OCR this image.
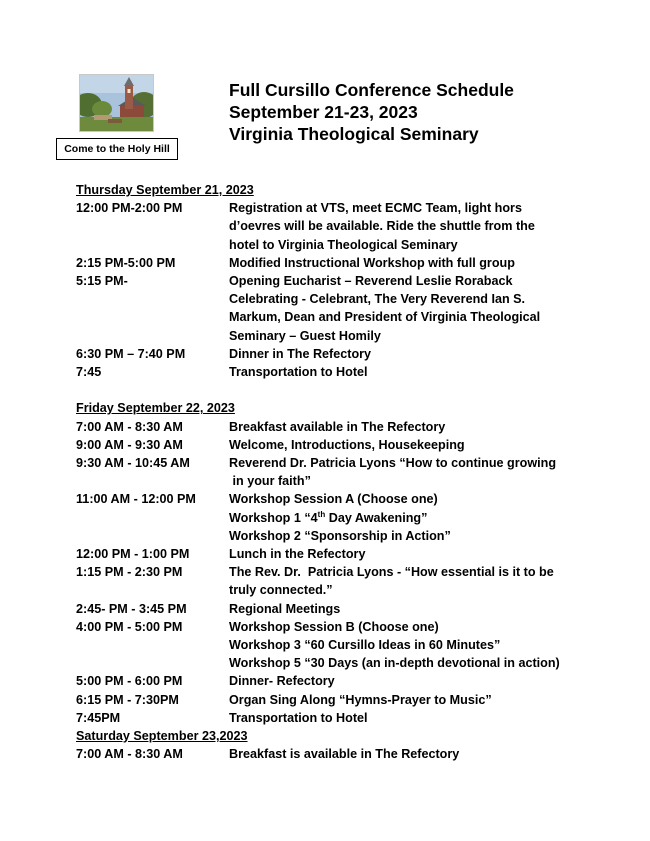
Come to the Holy Hill
Full Cursillo Conference Schedule
September 21-23, 2023
Virginia Theological Seminary
Thursday September 21, 2023
12:00 PM-2:00 PM	Registration at VTS, meet ECMC Team, light hors
d’oevres will be available. Ride the shuttle from the
hotel to Virginia Theological Seminary
2:15 PM-5:00 PM	Modified Instructional Workshop with full group
5:15 PM-	Opening Eucharist – Reverend Leslie Roraback
Celebrating - Celebrant, The Very Reverend Ian S.
Markum, Dean and President of Virginia Theological
Seminary – Guest Homily
6:30 PM – 7:40 PM	Dinner in The Refectory
7:45	Transportation to Hotel
Friday September 22, 2023
7:00 AM - 8:30 AM	Breakfast available in The Refectory
9:00 AM - 9:30 AM	Welcome, Introductions, Housekeeping
9:30 AM - 10:45 AM	Reverend Dr. Patricia Lyons “How to continue growing
in your faith”
11:00 AM - 12:00 PM	Workshop Session A (Choose one)
Workshop 1 “4th Day Awakening”
Workshop 2 “Sponsorship in Action”
12:00 PM - 1:00 PM	Lunch in the Refectory
1:15 PM - 2:30 PM	The Rev. Dr.  Patricia Lyons - “How essential is it to be
truly connected.”
2:45- PM - 3:45 PM	Regional Meetings
4:00 PM - 5:00 PM	Workshop Session B (Choose one)
Workshop 3 “60 Cursillo Ideas in 60 Minutes”
Workshop 5 “30 Days (an in-depth devotional in action)
5:00 PM - 6:00 PM	Dinner- Refectory
6:15 PM - 7:30PM	Organ Sing Along “Hymns-Prayer to Music”
7:45PM	Transportation to Hotel
Saturday September 23,2023
7:00 AM - 8:30 AM	Breakfast is available in The Refectory
